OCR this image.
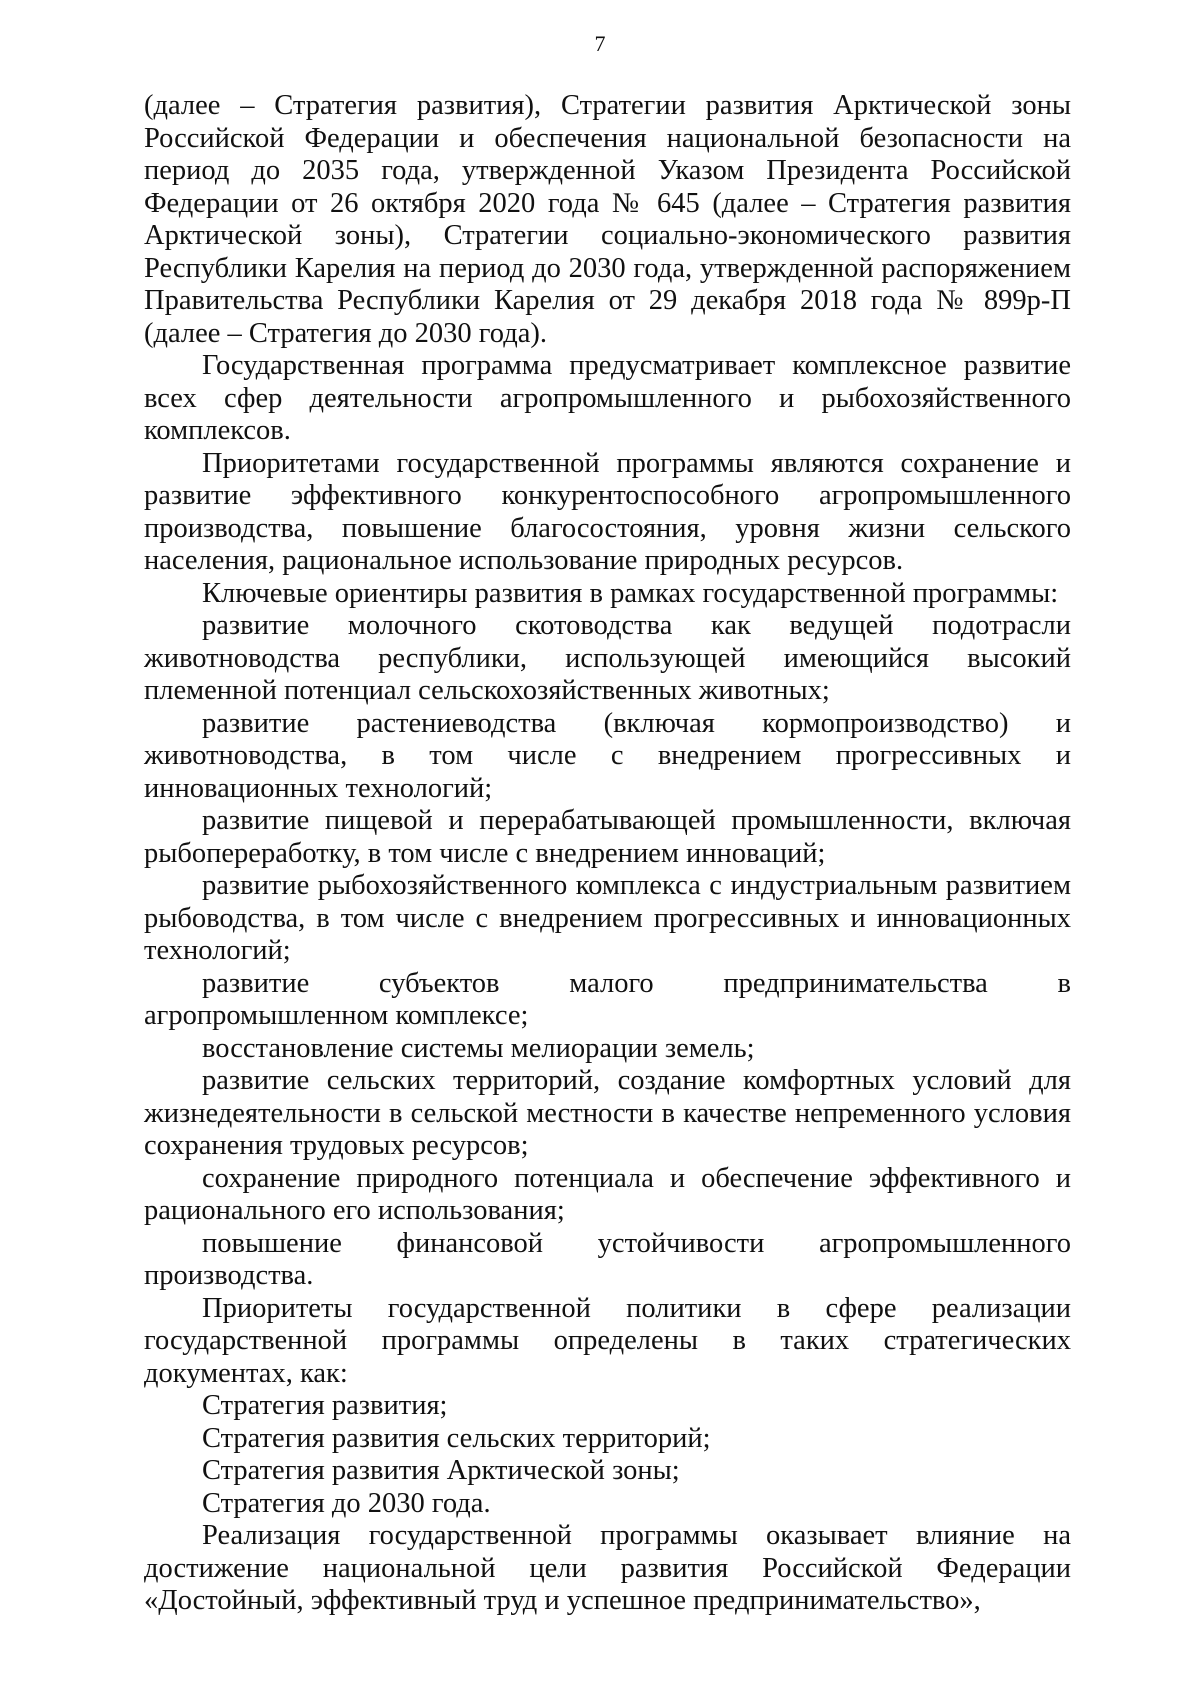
7

(далее – Стратегия развития), Стратегии развития Арктической зоны Российской Федерации и обеспечения национальной безопасности на период до 2035 года, утвержденной Указом Президента Российской Федерации от 26 октября 2020 года № 645 (далее – Стратегия развития Арктической зоны), Стратегии социально-экономического развития Республики Карелия на период до 2030 года, утвержденной распоряжением Правительства Республики Карелия от 29 декабря 2018 года № 899р-П (далее – Стратегия до 2030 года).

Государственная программа предусматривает комплексное развитие всех сфер деятельности агропромышленного и рыбохозяйственного комплексов.

Приоритетами государственной программы являются сохранение и развитие эффективного конкурентоспособного агропромышленного производства, повышение благосостояния, уровня жизни сельского населения, рациональное использование природных ресурсов.

Ключевые ориентиры развития в рамках государственной программы:

развитие молочного скотоводства как ведущей подотрасли животноводства республики, использующей имеющийся высокий племенной потенциал сельскохозяйственных животных;

развитие растениеводства (включая кормопроизводство) и животноводства, в том числе с внедрением прогрессивных и инновационных технологий;

развитие пищевой и перерабатывающей промышленности, включая рыбопереработку, в том числе с внедрением инноваций;

развитие рыбохозяйственного комплекса с индустриальным развитием рыбоводства, в том числе с внедрением прогрессивных и инновационных технологий;

развитие субъектов малого предпринимательства в агропромышленном комплексе;

восстановление системы мелиорации земель;

развитие сельских территорий, создание комфортных условий для жизнедеятельности в сельской местности в качестве непременного условия сохранения трудовых ресурсов;

сохранение природного потенциала и обеспечение эффективного и рационального его использования;

повышение финансовой устойчивости агропромышленного производства.

Приоритеты государственной политики в сфере реализации государственной программы определены в таких стратегических документах, как:

Стратегия развития;

Стратегия развития сельских территорий;

Стратегия развития Арктической зоны;

Стратегия до 2030 года.

Реализация государственной программы оказывает влияние на достижение национальной цели развития Российской Федерации «Достойный, эффективный труд и успешное предпринимательство»,
